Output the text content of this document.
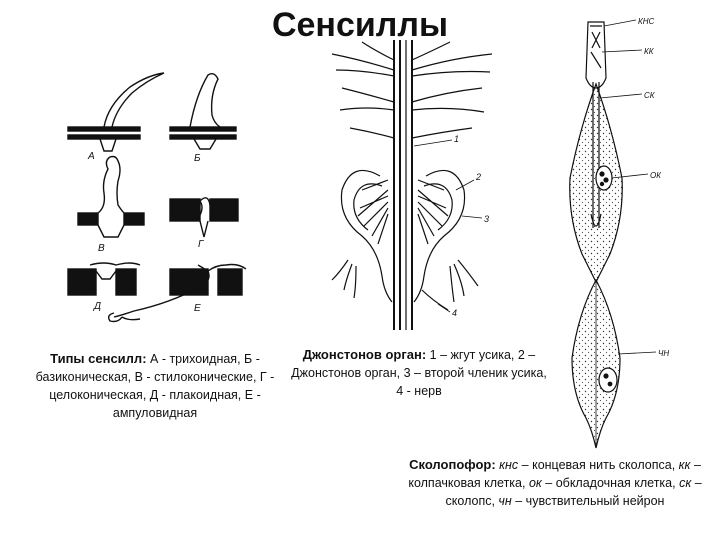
Сенсиллы
А	Б
В	Г
Д	Е
1
2
3
4
КНС
КК
СК
ОК
ЧН
Типы сенсилл: А - трихоидная, Б - базиконическая, В - стилоконические, Г - целоконическая, Д - плакоидная, Е - ампуловидная
Джонстонов орган: 1 – жгут усика, 2 – Джонстонов орган, 3 – второй членик усика, 4 - нерв
Сколопофор: кнс – концевая нить сколопса, кк – колпачковая клетка, ок – обкладочная клетка, ск – сколопс, чн – чувствительный нейрон
